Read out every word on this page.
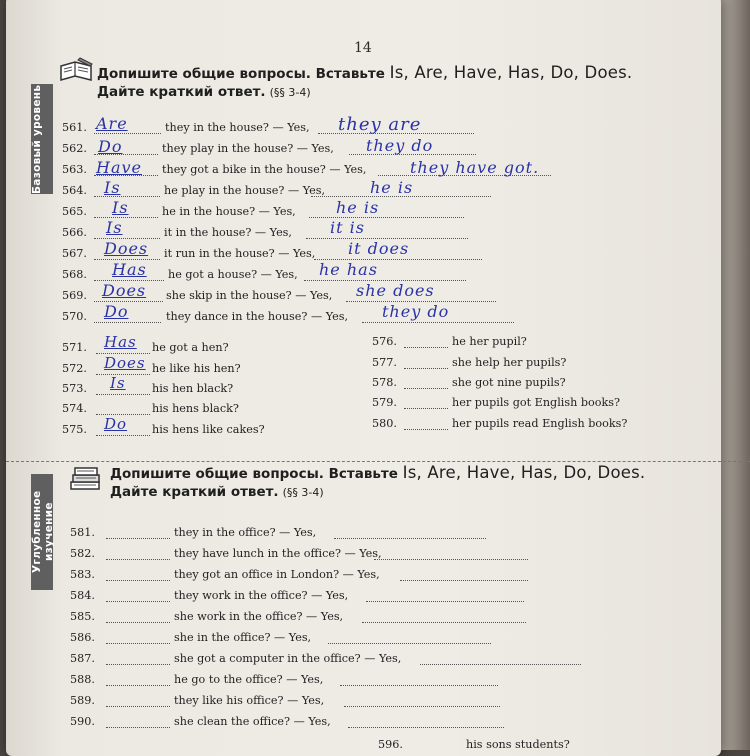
14
Базовый уровень
Углубленное изучение
Допишите общие вопросы. Вставьте Is, Are, Have, Has, Do, Does.
Дайте краткий ответ. (§§ 3-4)
Допишите общие вопросы. Вставьте Is, Are, Have, Has, Do, Does.
Дайте краткий ответ. (§§ 3-4)
561.	they in the house? — Yes,
Are	they are
562.	they play in the house? — Yes,
Do	they do
563.	they got a bike in the house? — Yes,
Have	they have got.
564.	he play in the house? — Yes,
Is	he is
565.	he in the house? — Yes,
Is	he is
566.	it in the house? — Yes,
Is	it is
567.	it run in the house? — Yes,
Does	it does
568.	he got a house? — Yes,
Has	he has
569.	she skip in the house? — Yes,
Does	she does
570.	they dance in the house? — Yes,
Do	they do
571.	he got a hen?
Has
572.	he like his hen?
Does
573.	his hen black?
Is
574.	his hens black?
575.	his hens like cakes?
Do
576.	he her pupil?
577.	she help her pupils?
578.	she got nine pupils?
579.	her pupils got English books?
580.	her pupils read English books?
581.	they in the office? — Yes,
582.	they have lunch in the office? — Yes,
583.	they got an office in London? — Yes,
584.	they work in the office? — Yes,
585.	she work in the office? — Yes,
586.	she in the office? — Yes,
587.	she got a computer in the office? — Yes,
588.	he go to the office? — Yes,
589.	they like his office? — Yes,
590.	she clean the office? — Yes,
596.	his sons students?
